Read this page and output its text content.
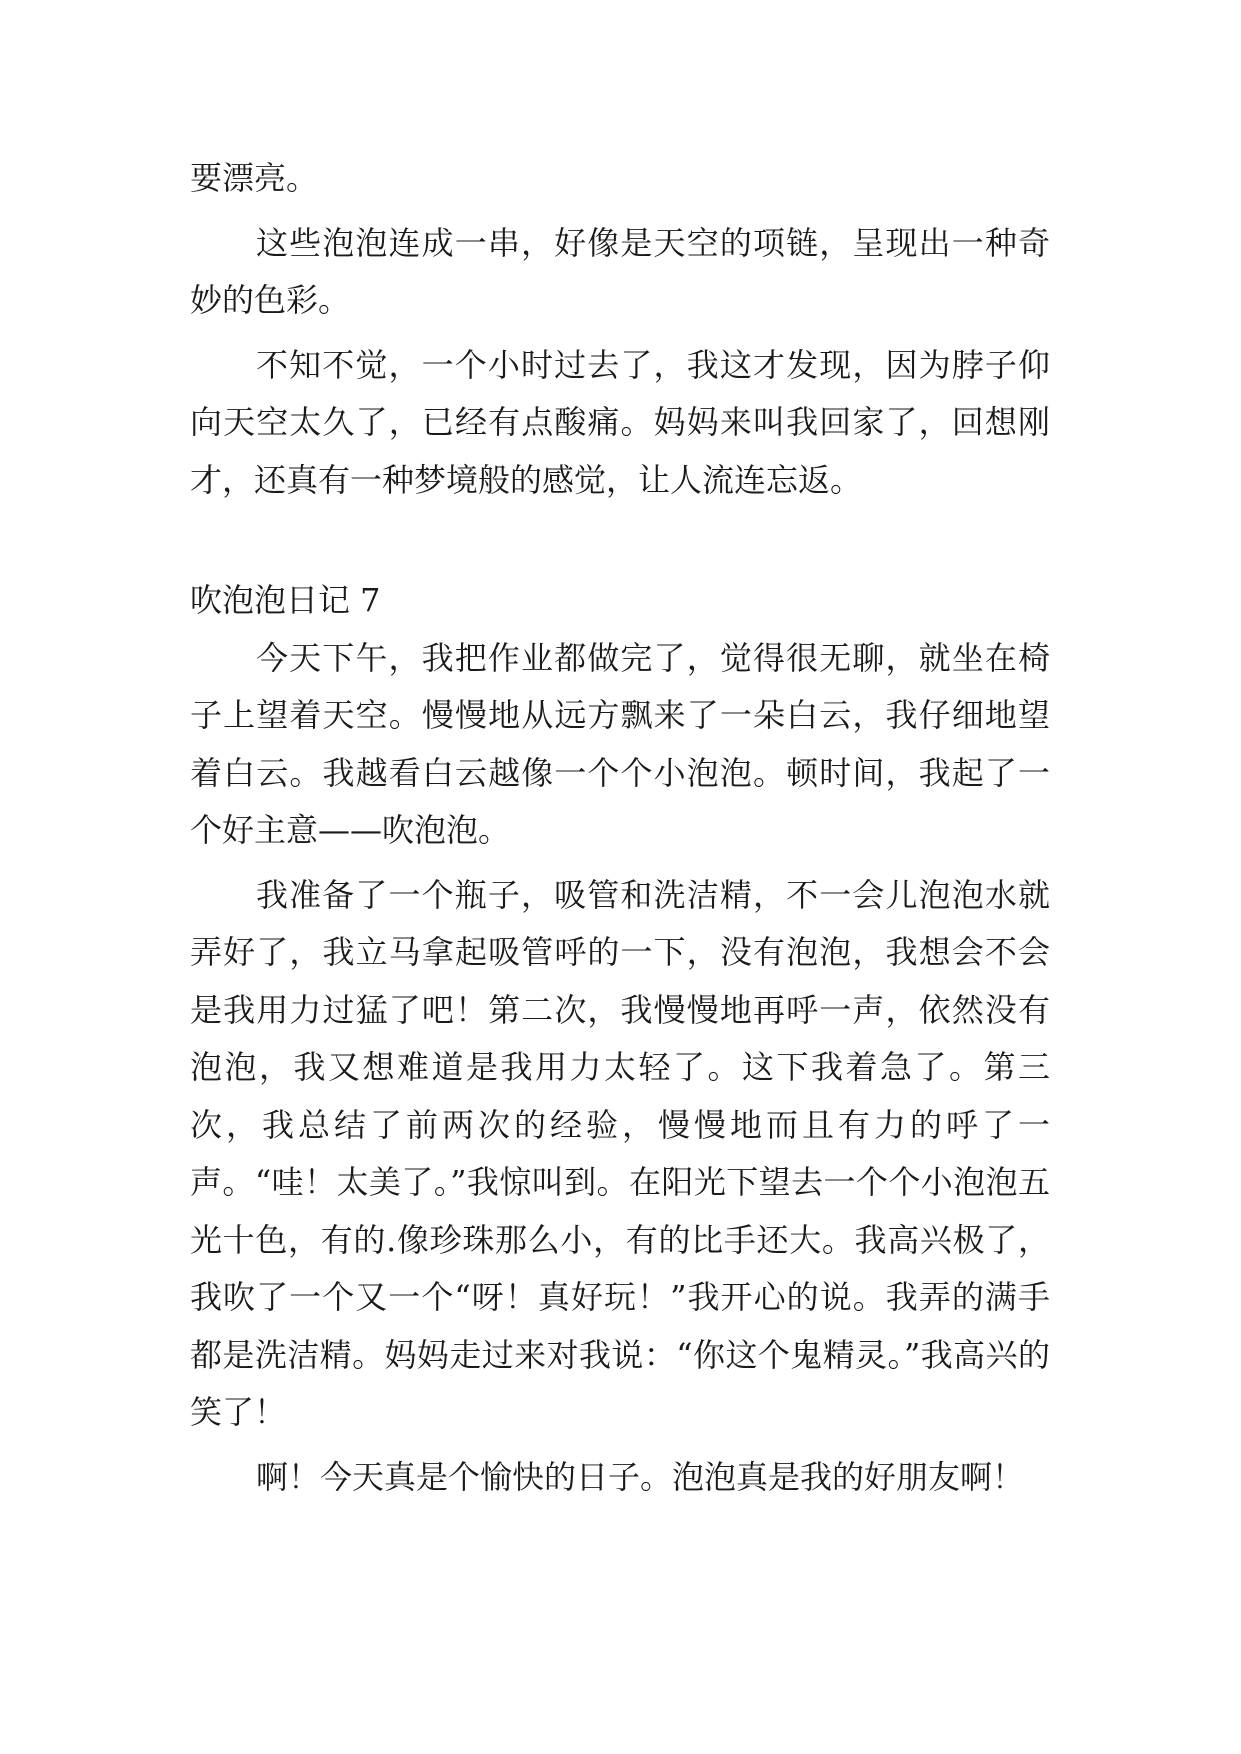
要漂亮。

这些泡泡连成一串，好像是天空的项链，呈现出一种奇妙的色彩。

不知不觉，一个小时过去了，我这才发现，因为脖子仰向天空太久了，已经有点酸痛。妈妈来叫我回家了，回想刚才，还真有一种梦境般的感觉，让人流连忘返。

吹泡泡日记 7

今天下午，我把作业都做完了，觉得很无聊，就坐在椅子上望着天空。慢慢地从远方飘来了一朵白云，我仔细地望着白云。我越看白云越像一个个小泡泡。顿时间，我起了一个好主意——吹泡泡。

我准备了一个瓶子，吸管和洗洁精，不一会儿泡泡水就弄好了，我立马拿起吸管呼的一下，没有泡泡，我想会不会是我用力过猛了吧！第二次，我慢慢地再呼一声，依然没有泡泡，我又想难道是我用力太轻了。这下我着急了。第三次，我总结了前两次的经验，慢慢地而且有力的呼了一声。“哇！太美了。”我惊叫到。在阳光下望去一个个小泡泡五光十色，有的.像珍珠那么小，有的比手还大。我高兴极了，我吹了一个又一个“呀！真好玩！”我开心的说。我弄的满手都是洗洁精。妈妈走过来对我说：“你这个鬼精灵。”我高兴的笑了！

啊！今天真是个愉快的日子。泡泡真是我的好朋友啊！
